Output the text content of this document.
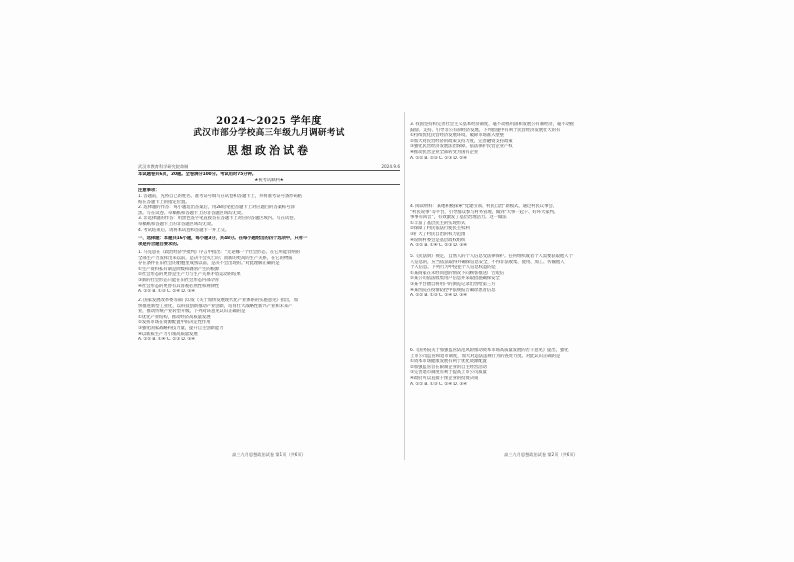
2024～2025 学年度
武汉市部分学校高三年级九月调研考试
思想政治试卷
武汉市教育科学研究院命制	2024.9.6
本试题卷共6页，20题。全卷满分100分。考试用时75分钟。
★祝考试顺利★
注意事项：
1. 答题前，先将自己的姓名、准考证号填写在试卷和答题卡上，并将准考证号条形码粘
贴在答题卡上的指定位置。
2. 选择题的作答：每小题选出答案后，用2B铅笔把答题卡上对应题目的答案标号涂
黑。写在试卷、草稿纸和答题卡上的非答题区域均无效。
3. 非选择题的作答：用黑色签字笔直接答在答题卡上对应的答题区域内。写在试卷、
草稿纸和答题卡上的非答题区域均无效。
4. 考试结束后，请将本试卷和答题卡一并上交。
一、选择题：本题共16小题，每小题3分，共48分。在每小题给出的四个选项中，只有一
项是符合题目要求的。
1. 马克思在《政治经济学批判》序言中指出：“无论哪一个社会形态，在它所能容纳的
全部生产力发挥出来以前，是决不会灭亡的；而新的更高的生产关系，在它的物质
存在条件在旧社会的胎胞里成熟以前，是决不会出现的。”对此理解正确的是
①生产资料私有制是阶级和剥削产生的根源
②社会形态的更替是生产力与生产关系矛盾运动的结果
③新的社会形态只能在旧社会形态内部孕育
④社会形态的更替有其客观必然性和规律性
A. ①② B. ①③ C. ②④ D. ③④
2. 国家发展改革委等部门印发《关于加快发展现代化产业体系的实施意见》指出，加
快推进新型工业化，以科技创新推动产业创新，培育壮大战略性新兴产业和未来产
业，推动传统产业转型升级。下列对该意见认识正确的是
①优化产业结构，推动经济高质量发展
②发挥市场在资源配置中的决定性作用
③强化国家战略科技力量，提升自主创新能力
④以新质生产力引领高质量发展
A. ①② B. ①④ C. ②③ D. ③④
高三九月思想政治试卷 第1页（共6页）
3. 我国坚持和完善社会主义基本经济制度，毫不动摇巩固和发展公有制经济，毫不动摇
鼓励、支持、引导非公有制经济发展。下列措施中有利于民营经济发展壮大的有
①持续优化民营经济发展环境，破除市场准入壁垒
②加大对民营经济的政策支持力度，完善融资支持政策
③强化民营经济发展法治保障，依法保护民营企业产权
④推动民营企业全部转变为国有企业
A. ①② B. ②③ C. ①③ D. ②④
4. 阅读材料：某地积极探索“党建引领、村民自治”新模式，通过村民议事会、
“村民说事”等平台，引导群众参与村务管理，做到“大事一起干、好坏大家判、
事事有回音”，有效激发了基层治理活力。这一做法
①丰富了基层民主的实现形式
②保障了村民依法行使民主权利
③扩大了村民自治的权力范围
④说明村委会是基层政权组织
A. ①② B. ①④ C. ②③ D. ③④
5.《民法典》规定，自然人的个人信息受法律保护。任何组织或者个人需要获取他人个
人信息的，应当依法取得并确保信息安全，不得非法收集、使用、加工、传输他人
个人信息。下列行为中侵犯个人信息权益的是
①某商家在未经同意的情况下向顾客推送广告短信
②某公司依法收集用户信息并采取措施确保安全
③某平台擅自将用户的浏览记录出售给第三方
④某医院在疫情防控中依规报告确诊患者信息
A. ①② B. ①③ C. ②④ D. ③④
6.《国务院关于加强监管防范风险推动资本市场高质量发展的若干意见》提出，强化
上市公司监管和退市制度，加大对违法违规行为的查处力度。对此认识正确的是
①资本市场健康发展有利于优化资源配置
②加强监管旨在限制企业的自主经营活动
③完善退市制度有利于提高上市公司质量
④政府可以直接干预企业的投资决策
A. ①② B. ①③ C. ②④ D. ③④
高三九月思想政治试卷 第2页（共6页）
